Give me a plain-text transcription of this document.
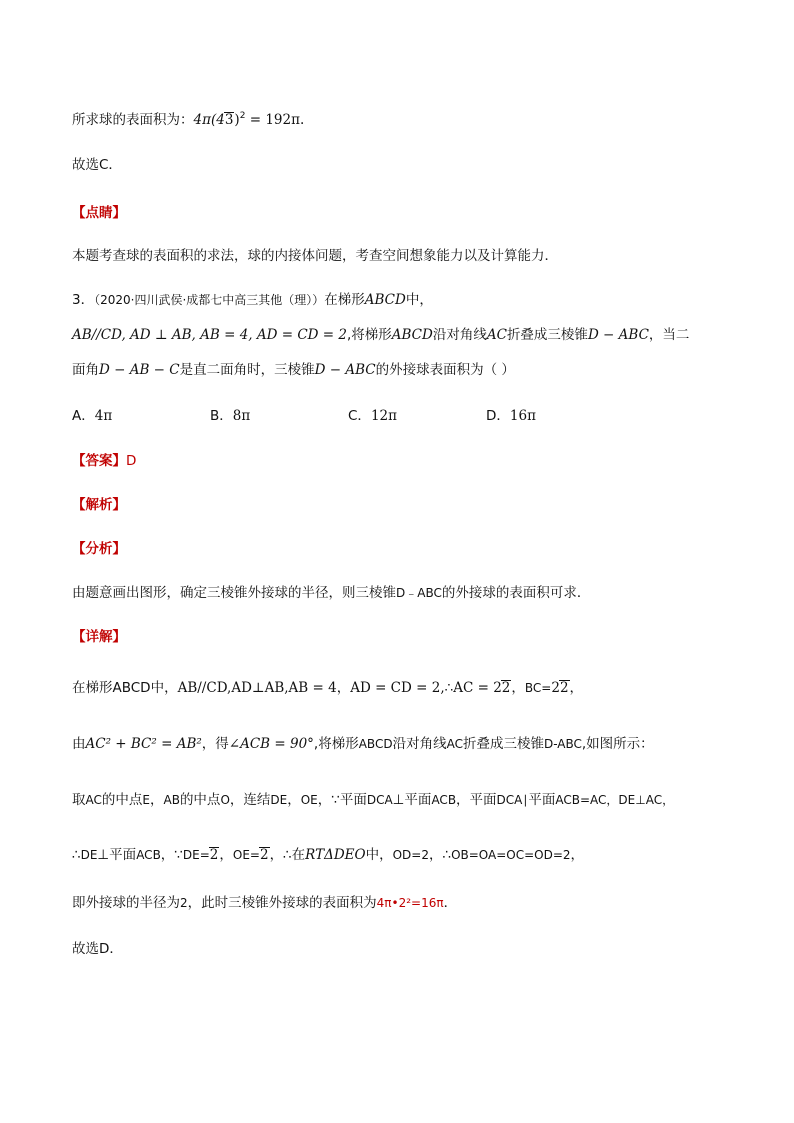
所求球的表面积为：$4\pi(43)^2 = 192\pi$.
故选C．
【点睛】
本题考查球的表面积的求法，球的内接体问题，考查空间想象能力以及计算能力．
3．（2020·四川武侯·成都七中高三其他（理））在梯形ABCD中，
AB//CD, AD ⊥ AB, AB = 4, AD = CD = 2,将梯形ABCD沿对角线AC折叠成三棱锥D − ABC，当二
面角D − AB − C是直二面角时，三棱锥D − ABC的外接球表面积为（ ）
A．4π	B．8π	C．12π	D．16π
【答案】D
【解析】
【分析】
由题意画出图形，确定三棱锥外接球的半径，则三棱锥D﹣ABC的外接球的表面积可求．
【详解】
在梯形ABCD中，AB//CD,AD⊥AB,AB = 4，AD = CD = 2,∴AC = 22，BC=22，
由AC² + BC² = AB²，得∠ACB = 90°,将梯形ABCD沿对角线AC折叠成三棱锥D-ABC,如图所示：
取AC的中点E，AB的中点O，连结DE，OE，∵平面DCA⊥平面ACB，平面DCA∣平面ACB=AC，DE⊥AC，
∴DE⊥平面ACB，∵DE=2，OE=2，∴在RTΔDEO中，OD=2，∴OB=OA=OC=OD=2，
即外接球的半径为2，此时三棱锥外接球的表面积为4π•2²=16π．
故选D．
